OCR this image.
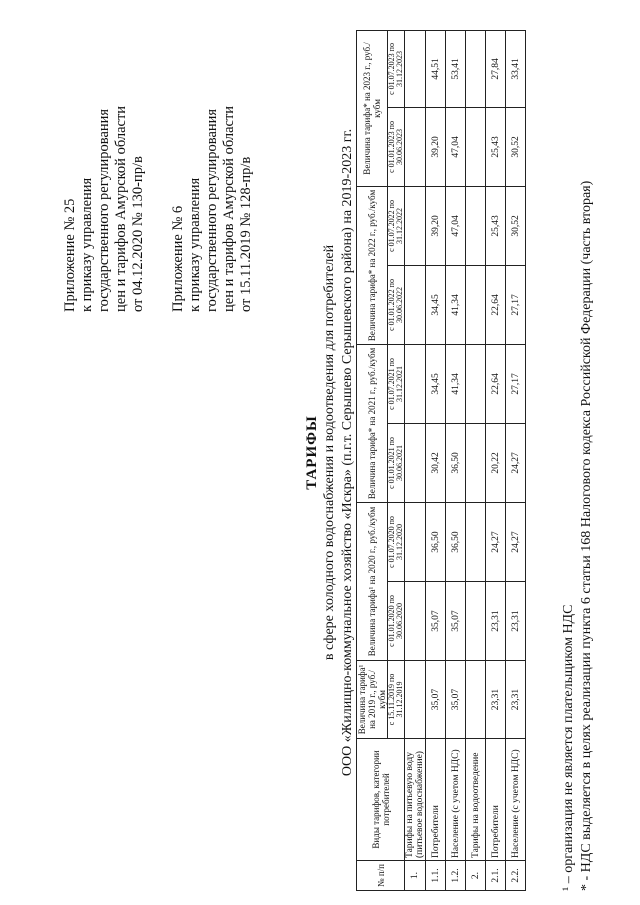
Приложение № 25 к приказу управления государственного регулирования цен и тарифов Амурской области от 04.12.2020 № 130-пр/в Приложение № 6 к приказу управления государственного регулирования цен и тарифов Амурской области от 15.11.2019 № 128-пр/в
ТАРИФЫ в сфере холодного водоснабжения и водоотведения для потребителей ООО «Жилищно-коммунальное хозяйство «Искра» (п.г.т. Серышево Серышевского района) на 2019-2023 гг.
№ п/п	Виды тарифов, категории потребителей	Величина тарифа¹ на 2019 г., руб./кубм	Величина тарифа¹ на 2020 г., руб./кубм		Величина тарифа* на 2021 г., руб./кубм		Величина тарифа* на 2022 г., руб./кубм		Величина тарифа* на 2023 г., руб./кубм	
		с 15.11.2019 по 31.12.2019	с 01.01.2020 по 30.06.2020	с 01.07.2020 по 31.12.2020	с 01.01.2021 по 30.06.2021	с 01.07.2021 по 31.12.2021	с 01.01.2022 по 30.06.2022	с 01.07.2022 по 31.12.2022	с 01.01.2023 по 30.06.2023	с 01.07.2023 по 31.12.2023
1.	Тарифы на питьевую воду (питьевое водоснабжение)									
1.1.	Потребители	35,07	35,07	36,50	30,42	34,45	34,45	39,20	39,20	44,51
1.2.	Население (с учетом НДС)	35,07	35,07	36,50	36,50	41,34	41,34	47,04	47,04	53,41
2.	Тарифы на водоотведение									
2.1.	Потребители	23,31	23,31	24,27	20,22	22,64	22,64	25,43	25,43	27,84
2.2.	Население (с учетом НДС)	23,31	23,31	24,27	24,27	27,17	27,17	30,52	30,52	33,41
¹ – организация не является плательщиком НДС * - НДС выделяется в целях реализации пункта 6 статьи 168 Налогового кодекса Российской Федерации (часть вторая)
